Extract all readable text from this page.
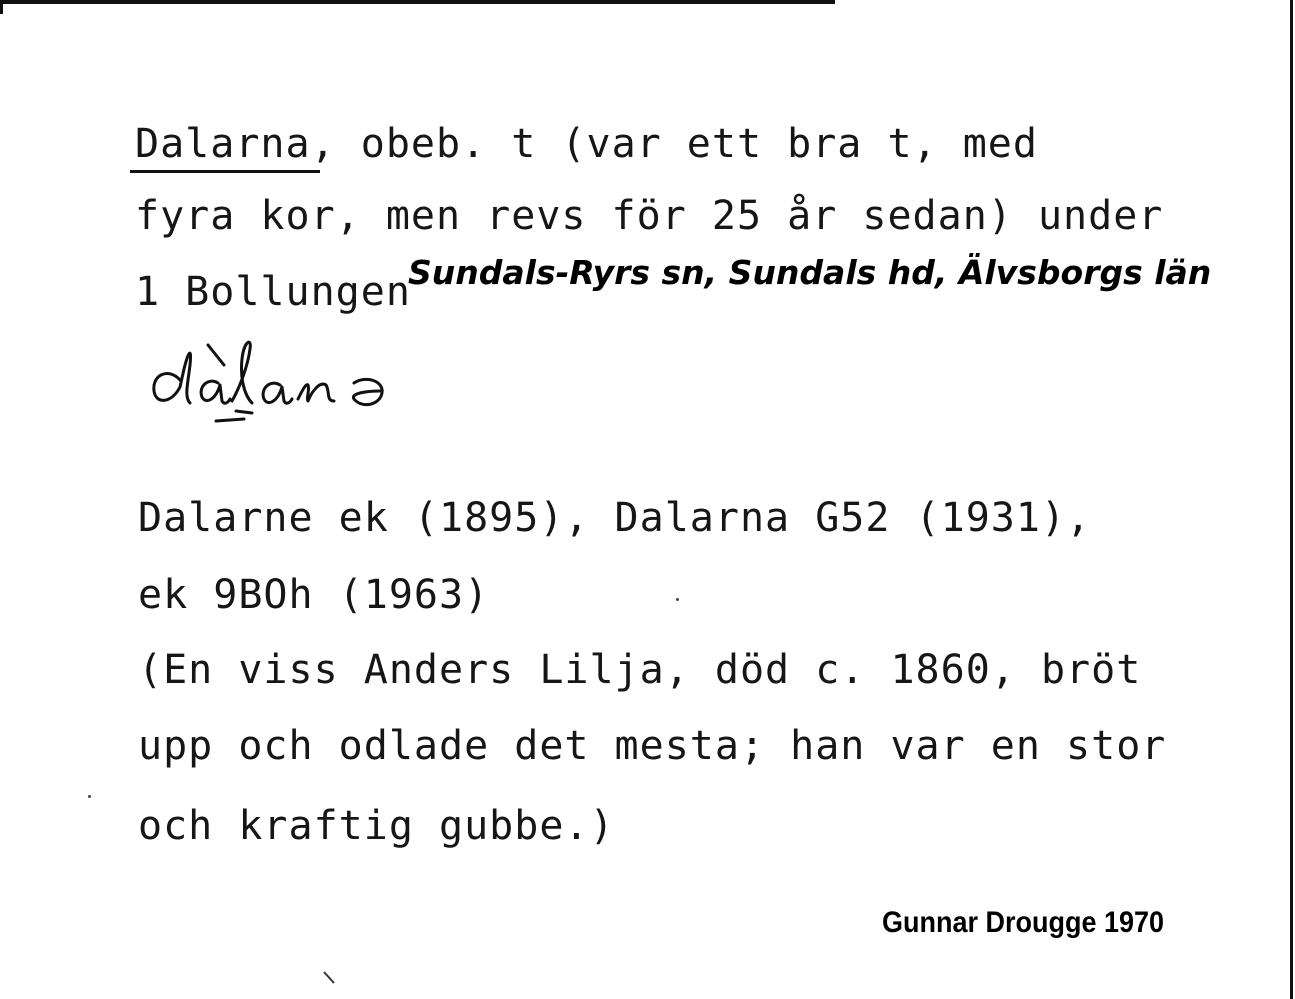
Dalarna, obeb. t (var ett bra t, med
fyra kor, men revs för 25 år sedan) under
1 Bollungen
Sundals-Ryrs sn, Sundals hd, Älvsborgs län
Dalarne ek (1895), Dalarna G52 (1931),
ek 9BOh (1963)
(En viss Anders Lilja, död c. 1860, bröt
upp och odlade det mesta; han var en stor
och kraftig gubbe.)
Gunnar Drougge 1970
